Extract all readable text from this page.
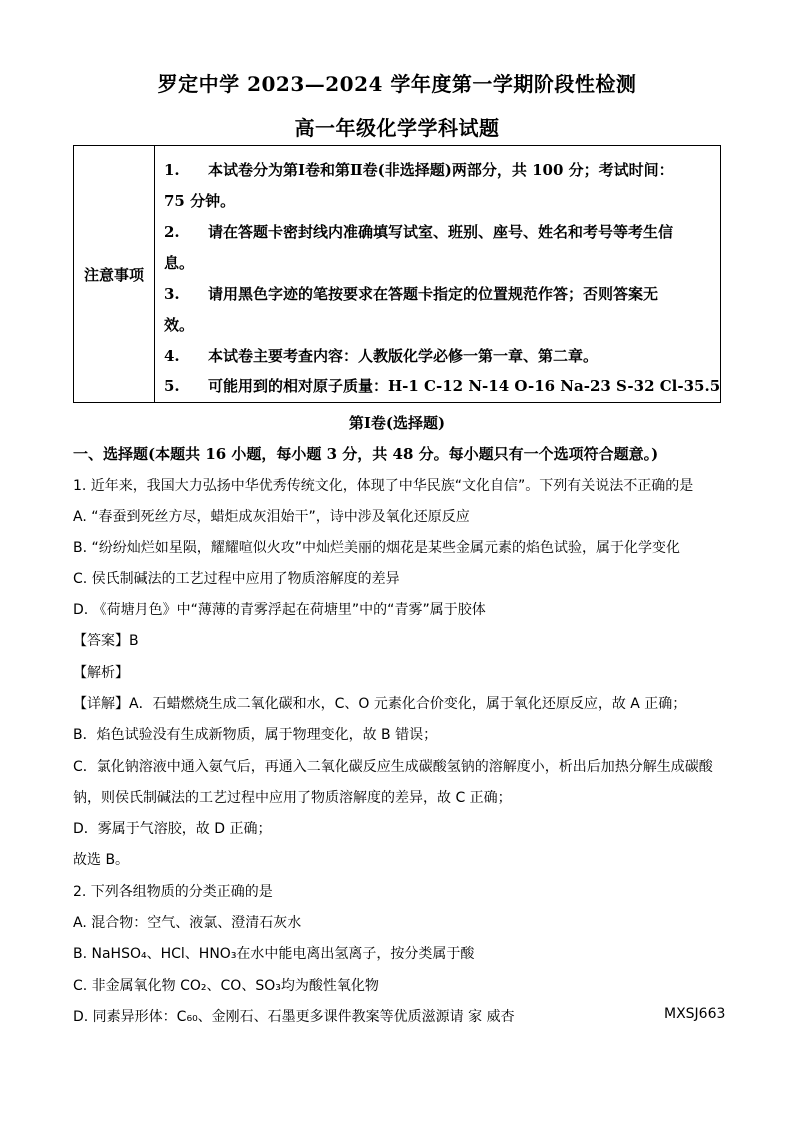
罗定中学 2023—2024 学年度第一学期阶段性检测
高一年级化学学科试题
注意事项
1. 本试卷分为第Ⅰ卷和第Ⅱ卷(非选择题)两部分，共 100 分；考试时间：
75 分钟。
2. 请在答题卡密封线内准确填写试室、班别、座号、姓名和考号等考生信
息。
3. 请用黑色字迹的笔按要求在答题卡指定的位置规范作答；否则答案无
效。
4. 本试卷主要考查内容：人教版化学必修一第一章、第二章。
5. 可能用到的相对原子质量：H-1 C-12 N-14 O-16 Na-23 S-32 Cl-35.5
第Ⅰ卷(选择题)
一、选择题(本题共 16 小题，每小题 3 分，共 48 分。每小题只有一个选项符合题意。)
1. 近年来，我国大力弘扬中华优秀传统文化，体现了中华民族“文化自信”。下列有关说法不正确的是
A. “春蚕到死丝方尽，蜡炬成灰泪始干”，诗中涉及氧化还原反应
B. “纷纷灿烂如星陨，耀耀喧似火攻”中灿烂美丽的烟花是某些金属元素的焰色试验，属于化学变化
C. 侯氏制碱法的工艺过程中应用了物质溶解度的差异
D. 《荷塘月色》中“薄薄的青雾浮起在荷塘里”中的“青雾”属于胶体
【答案】B
【解析】
【详解】A．石蜡燃烧生成二氧化碳和水，C、O 元素化合价变化，属于氧化还原反应，故 A 正确；
B．焰色试验没有生成新物质，属于物理变化，故 B 错误；
C．氯化钠溶液中通入氨气后，再通入二氧化碳反应生成碳酸氢钠的溶解度小，析出后加热分解生成碳酸
钠，则侯氏制碱法的工艺过程中应用了物质溶解度的差异，故 C 正确；
D．雾属于气溶胶，故 D 正确；
故选 B。
2. 下列各组物质的分类正确的是
A. 混合物：空气、液氯、澄清石灰水
B. NaHSO₄、HCl、HNO₃在水中能电离出氢离子，按分类属于酸
C. 非金属氧化物 CO₂、CO、SO₃均为酸性氧化物
D. 同素异形体：C₆₀、金刚石、石墨更多课件教案等优质滋源请 家 威杏	MXSJ663
